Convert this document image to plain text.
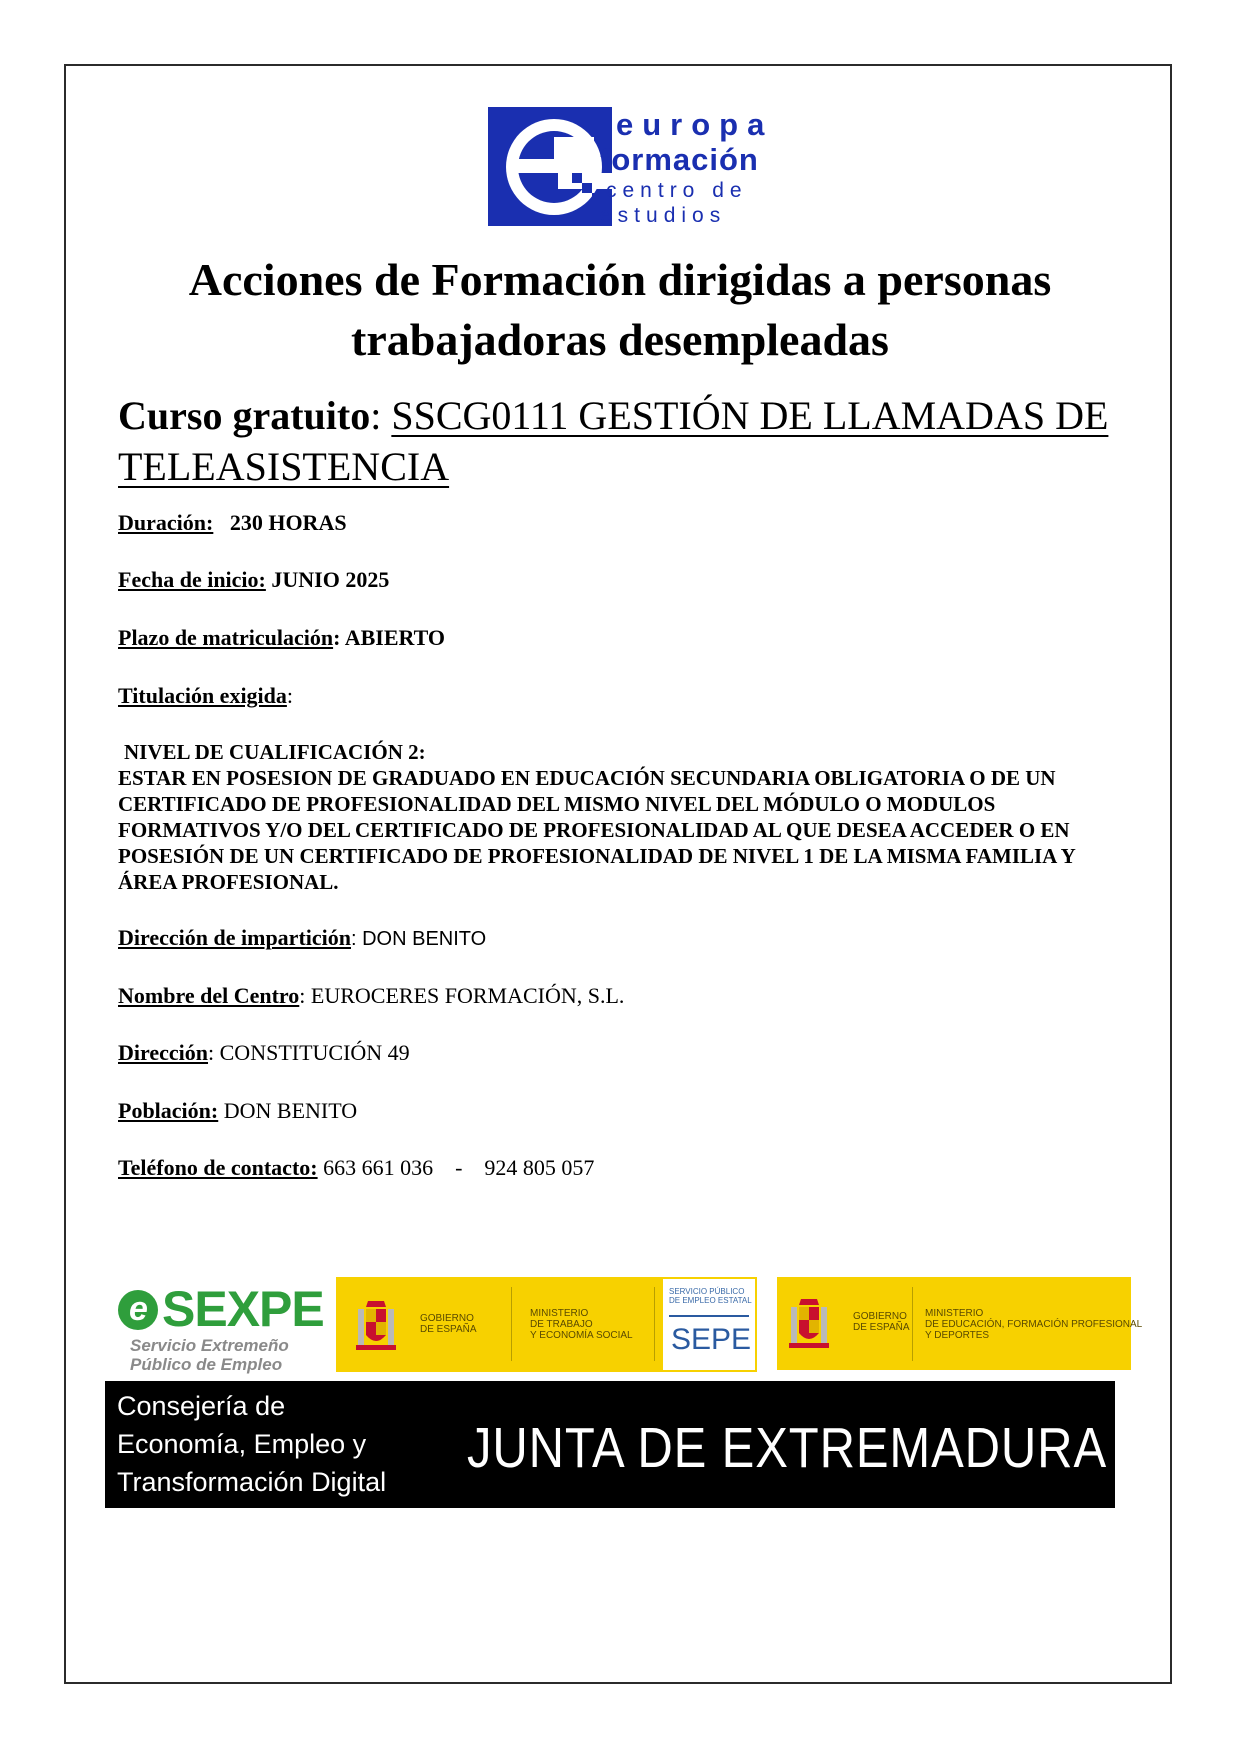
europa
formación
centro de
estudios
Acciones de Formación dirigidas a personas trabajadoras desempleadas
Curso gratuito: SSCG0111 GESTIÓN DE LLAMADAS DE TELEASISTENCIA
Duración: 230 HORAS
Fecha de inicio: JUNIO 2025
Plazo de matriculación: ABIERTO
Titulación exigida:
NIVEL DE CUALIFICACIÓN 2:
ESTAR EN POSESION DE GRADUADO EN EDUCACIÓN SECUNDARIA OBLIGATORIA O DE UN CERTIFICADO DE PROFESIONALIDAD DEL MISMO NIVEL DEL MÓDULO O MODULOS FORMATIVOS Y/O DEL CERTIFICADO DE PROFESIONALIDAD AL QUE DESEA ACCEDER O EN POSESIÓN DE UN CERTIFICADO DE PROFESIONALIDAD DE NIVEL 1 DE LA MISMA FAMILIA Y ÁREA PROFESIONAL.
Dirección de impartición: DON BENITO
Nombre del Centro: EUROCERES FORMACIÓN, S.L.
Dirección: CONSTITUCIÓN 49
Población: DON BENITO
Teléfono de contacto: 663 661 036    -    924 805 057
e SEXPE
Servicio Extremeño
Público de Empleo
GOBIERNO
DE ESPAÑA
MINISTERIO
DE TRABAJO
Y ECONOMÍA SOCIAL
SERVICIO PÚBLICO
DE EMPLEO ESTATAL
SEPE
GOBIERNO
DE ESPAÑA
MINISTERIO
DE EDUCACIÓN, FORMACIÓN PROFESIONAL
Y DEPORTES
Consejería de
Economía, Empleo y
Transformación Digital
JUNTA DE EXTREMADURA
